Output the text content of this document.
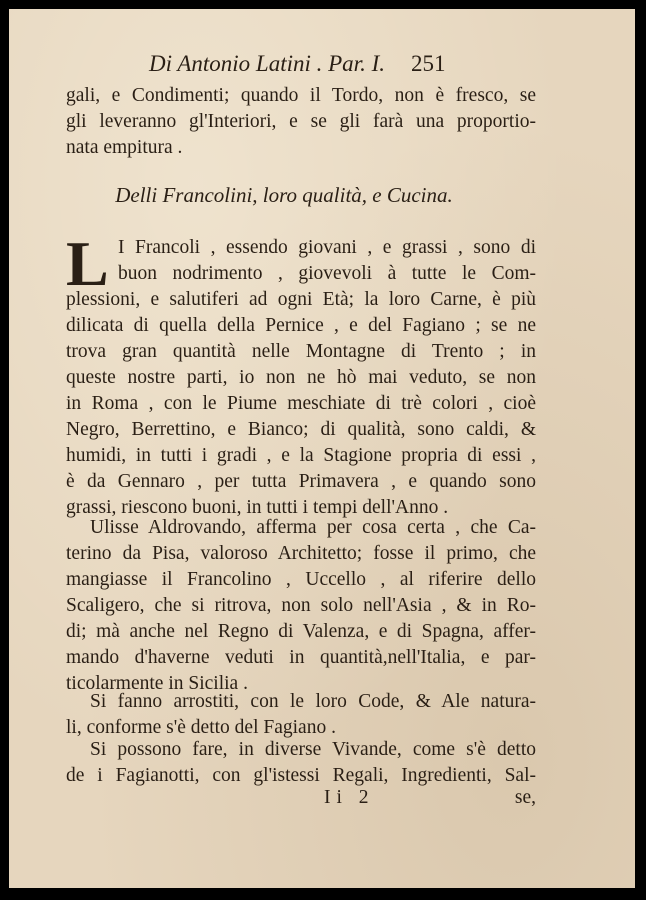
Di Antonio Latini . Par. I. 251
gali, e Condimenti; quando il Tordo, non è fresco, se
gli leveranno gl'Interiori, e se gli farà una proportio-
nata empitura .
Delli Francolini, loro qualità, e Cucina.
L I Francoli , essendo giovani , e grassi , sono di
buon nodrimento , giovevoli à tutte le Com-
plessioni, e salutiferi ad ogni Età; la loro Carne, è più
dilicata di quella della Pernice , e del Fagiano ; se ne
trova gran quantità nelle Montagne di Trento ; in
queste nostre parti, io non ne hò mai veduto, se non
in Roma , con le Piume meschiate di trè colori , cioè
Negro, Berrettino, e Bianco; di qualità, sono caldi, &
humidi, in tutti i gradi , e la Stagione propria di essi ,
è da Gennaro , per tutta Primavera , e quando sono
grassi, riescono buoni, in tutti i tempi dell'Anno .
Ulisse Aldrovando, afferma per cosa certa , che Ca-
terino da Pisa, valoroso Architetto; fosse il primo, che
mangiasse il Francolino , Uccello , al riferire dello
Scaligero, che si ritrova, non solo nell'Asia , & in Ro-
di; mà anche nel Regno di Valenza, e di Spagna, affer-
mando d'haverne veduti in quantità,nell'Italia, e par-
ticolarmente in Sicilia .
Si fanno arrostiti, con le loro Code, & Ale natura-
li, conforme s'è detto del Fagiano .
Si possono fare, in diverse Vivande, come s'è detto
de i Fagianotti, con gl'istessi Regali, Ingredienti, Sal-
Ii 2	se,
